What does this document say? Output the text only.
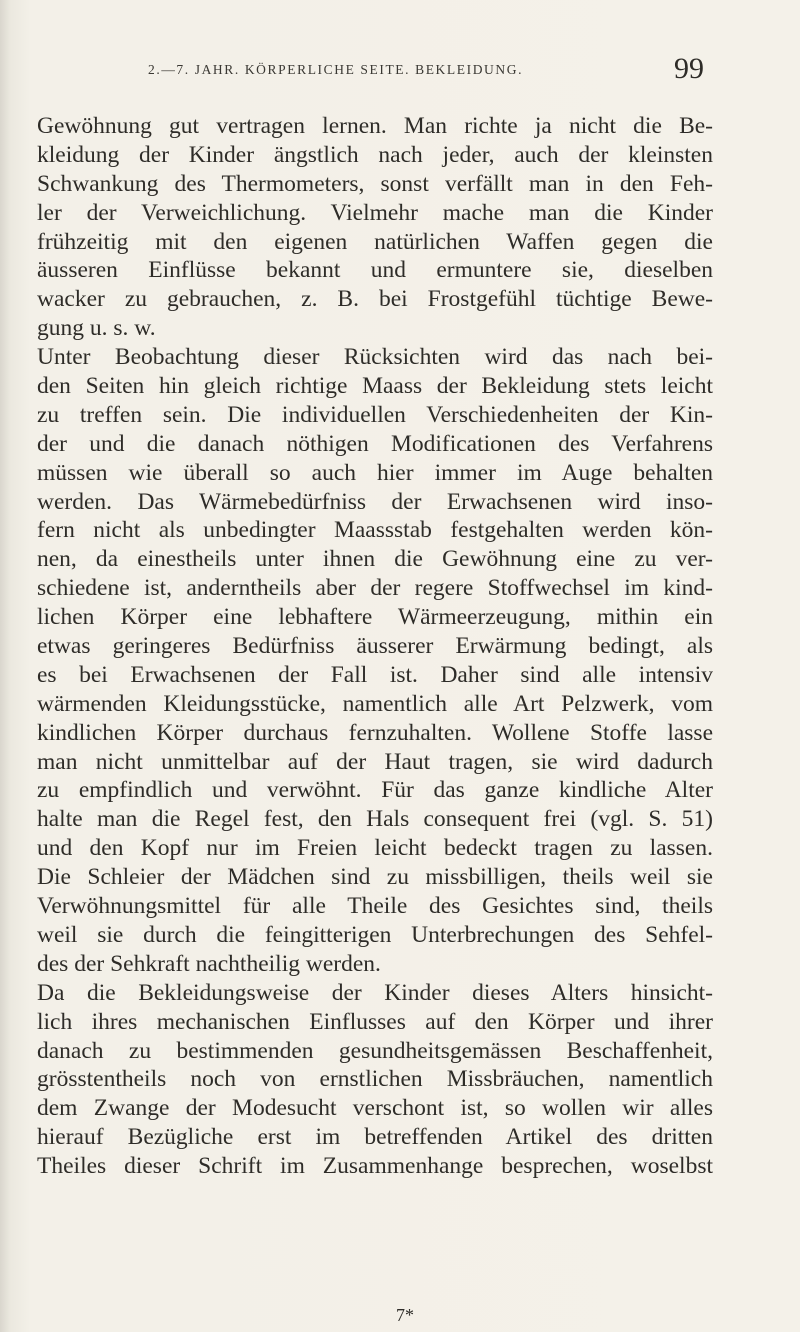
2.—7. JAHR. KÖRPERLICHE SEITE. BEKLEIDUNG.	99
Gewöhnung gut vertragen lernen. Man richte ja nicht die Be-
kleidung der Kinder ängstlich nach jeder, auch der kleinsten
Schwankung des Thermometers, sonst verfällt man in den Feh-
ler der Verweichlichung. Vielmehr mache man die Kinder
frühzeitig mit den eigenen natürlichen Waffen gegen die
äusseren Einflüsse bekannt und ermuntere sie, dieselben
wacker zu gebrauchen, z. B. bei Frostgefühl tüchtige Bewe-
gung u. s. w.
Unter Beobachtung dieser Rücksichten wird das nach bei-
den Seiten hin gleich richtige Maass der Bekleidung stets leicht
zu treffen sein. Die individuellen Verschiedenheiten der Kin-
der und die danach nöthigen Modificationen des Verfahrens
müssen wie überall so auch hier immer im Auge behalten
werden. Das Wärmebedürfniss der Erwachsenen wird inso-
fern nicht als unbedingter Maassstab festgehalten werden kön-
nen, da einestheils unter ihnen die Gewöhnung eine zu ver-
schiedene ist, anderntheils aber der regere Stoffwechsel im kind-
lichen Körper eine lebhaftere Wärmeerzeugung, mithin ein
etwas geringeres Bedürfniss äusserer Erwärmung bedingt, als
es bei Erwachsenen der Fall ist. Daher sind alle intensiv
wärmenden Kleidungsstücke, namentlich alle Art Pelzwerk, vom
kindlichen Körper durchaus fernzuhalten. Wollene Stoffe lasse
man nicht unmittelbar auf der Haut tragen, sie wird dadurch
zu empfindlich und verwöhnt. Für das ganze kindliche Alter
halte man die Regel fest, den Hals consequent frei (vgl. S. 51)
und den Kopf nur im Freien leicht bedeckt tragen zu lassen.
Die Schleier der Mädchen sind zu missbilligen, theils weil sie
Verwöhnungsmittel für alle Theile des Gesichtes sind, theils
weil sie durch die feingitterigen Unterbrechungen des Sehfel-
des der Sehkraft nachtheilig werden.
Da die Bekleidungsweise der Kinder dieses Alters hinsicht-
lich ihres mechanischen Einflusses auf den Körper und ihrer
danach zu bestimmenden gesundheitsgemässen Beschaffenheit,
grösstentheils noch von ernstlichen Missbräuchen, namentlich
dem Zwange der Modesucht verschont ist, so wollen wir alles
hierauf Bezügliche erst im betreffenden Artikel des dritten
Theiles dieser Schrift im Zusammenhange besprechen, woselbst
7*
